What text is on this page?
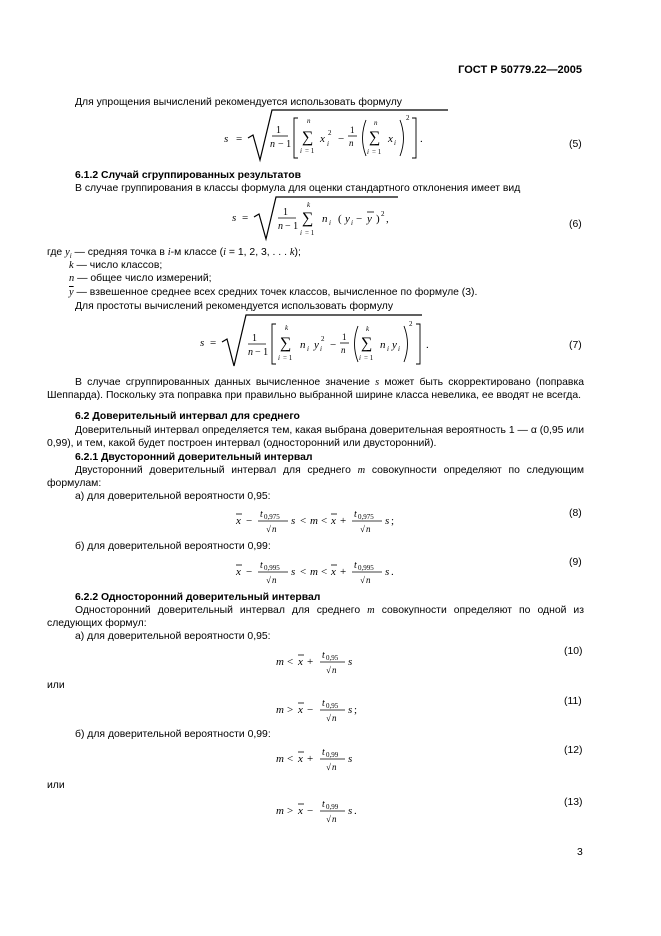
ГОСТ Р 50779.22—2005
Для упрощения вычислений рекомендуется использовать формулу
s =
1
n − 1
n
∑
i = 1
x 2
i −
1
n
n
∑
i = 1
x i
2
.	(5)
6.1.2 Случай сгруппированных результатов
В случае группирования в классы формула для оценки стандартного отклонения имеет вид
s =	1
n − 1
k
∑
i = 1
n i ( y i − y ) 2 ,	(6)
где $y_i$ — средняя точка в i-м классе (i = 1, 2, 3, . . . k);
k — число классов;
n — общее число измерений;
$\overline{y}$ — взвешенное среднее всех средних точек классов, вычисленное по формуле (3).
Для простоты вычислений рекомендуется использовать формулу
s =	1
n − 1
k
∑
i = 1
n i y 2
i −
1
n
k
∑
i = 1
n i y i
2
.	(7)
В случае сгруппированных данных вычисленное значение s может быть скорректировано (поправка Шеппарда). Поскольку эта поправка при правильно выбранной ширине класса невелика, ее вводят не всегда.
6.2 Доверительный интервал для среднего
Доверительный интервал определяется тем, какая выбрана доверительная вероятность 1 — α (0,95 или 0,99), и тем, какой будет построен интервал (односторонний или двусторонний).
6.2.1 Двусторонний доверительный интервал
Двусторонний доверительный интервал для среднего m совокупности определяют по следующим формулам:
а) для доверительной вероятности 0,95:
x −
t 0,975
√ n
s < m < x +
t 0,975
√ n
s ;
(8)
б) для доверительной вероятности 0,99:
x −
t 0,995
√ n
s < m < x +
t 0,995
√ n
s .
(9)
6.2.2 Односторонний доверительный интервал
Односторонний доверительный интервал для среднего m совокупности определяют по одной из следующих формул:
а) для доверительной вероятности 0,95:
m < x +
t 0,95
√ n
s
(10)
или
m > x −
t 0,95
√ n
s ;
(11)
б) для доверительной вероятности 0,99:
m < x +
t 0,99
√ n
s
(12)
или
m > x −
t 0,99
√ n
s .
(13)
3
